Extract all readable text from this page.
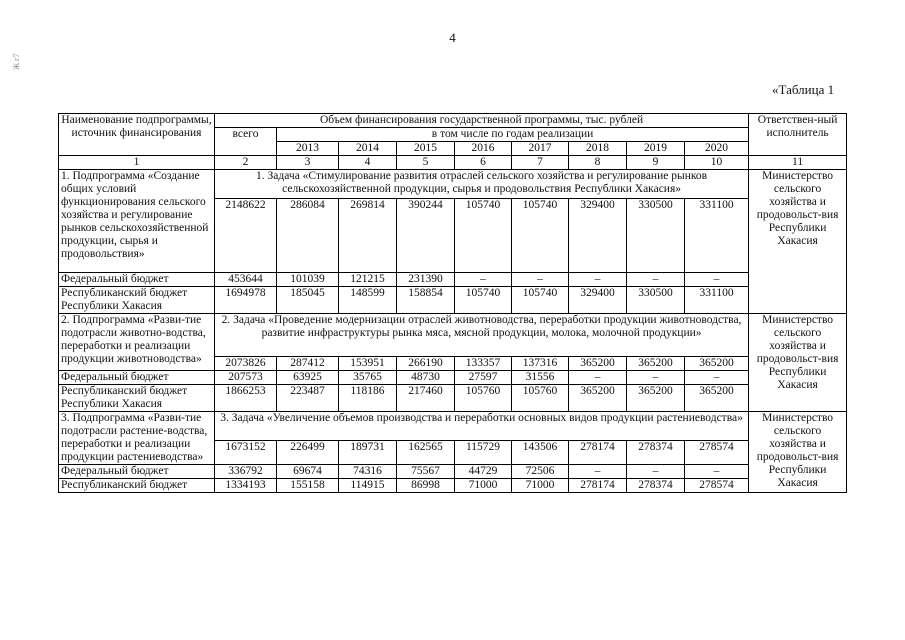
4
Ж г7
«Таблица 1
Наименование подпрограммы, источник финансирования	Объем финансирования государственной программы, тыс. рублей									Ответствен-ный исполнитель
	всего	в том числе по годам реализации								
		2013	2014	2015	2016	2017	2018	2019	2020	
1	2	3	4	5	6	7	8	9	10	11
1. Подпрограмма «Создание общих условий функционирования сельского хозяйства и регулирование рынков сельскохозяйственной продукции, сырья и продовольствия»	1. Задача «Стимулирование развития отраслей сельского хозяйства и регулирование рынков сельскохозяйственной продукции, сырья и продовольствия Республики Хакасия»									Министерство сельского хозяйства и продовольст-вия Республики Хакасия
	2148622	286084	269814	390244	105740	105740	329400	330500	331100	
Федеральный бюджет	453644	101039	121215	231390	–	–	–	–	–	
Республиканский бюджет Республики Хакасия	1694978	185045	148599	158854	105740	105740	329400	330500	331100	
2. Подпрограмма «Разви-тие подотрасли животно-водства, переработки и реализации продукции животноводства»	2. Задача «Проведение модернизации отраслей животноводства, переработки продукции животноводства, развитие инфраструктуры рынка мяса, мясной продукции, молока, молочной продукции»									Министерство сельского хозяйства и продовольст-вия Республики Хакасия
	2073826	287412	153951	266190	133357	137316	365200	365200	365200	
Федеральный бюджет	207573	63925	35765	48730	27597	31556	–	–	–	
Республиканский бюджет Республики Хакасия	1866253	223487	118186	217460	105760	105760	365200	365200	365200	
3. Подпрограмма «Разви-тие подотрасли растение-водства, переработки и реализации продукции растениеводства»	3. Задача «Увеличение объемов производства и переработки основных видов продукции растениеводства»									Министерство сельского хозяйства и продовольст-вия Республики Хакасия
	1673152	226499	189731	162565	115729	143506	278174	278374	278574	
Федеральный бюджет	336792	69674	74316	75567	44729	72506	–	–	–	
Республиканский бюджет	1334193	155158	114915	86998	71000	71000	278174	278374	278574	
